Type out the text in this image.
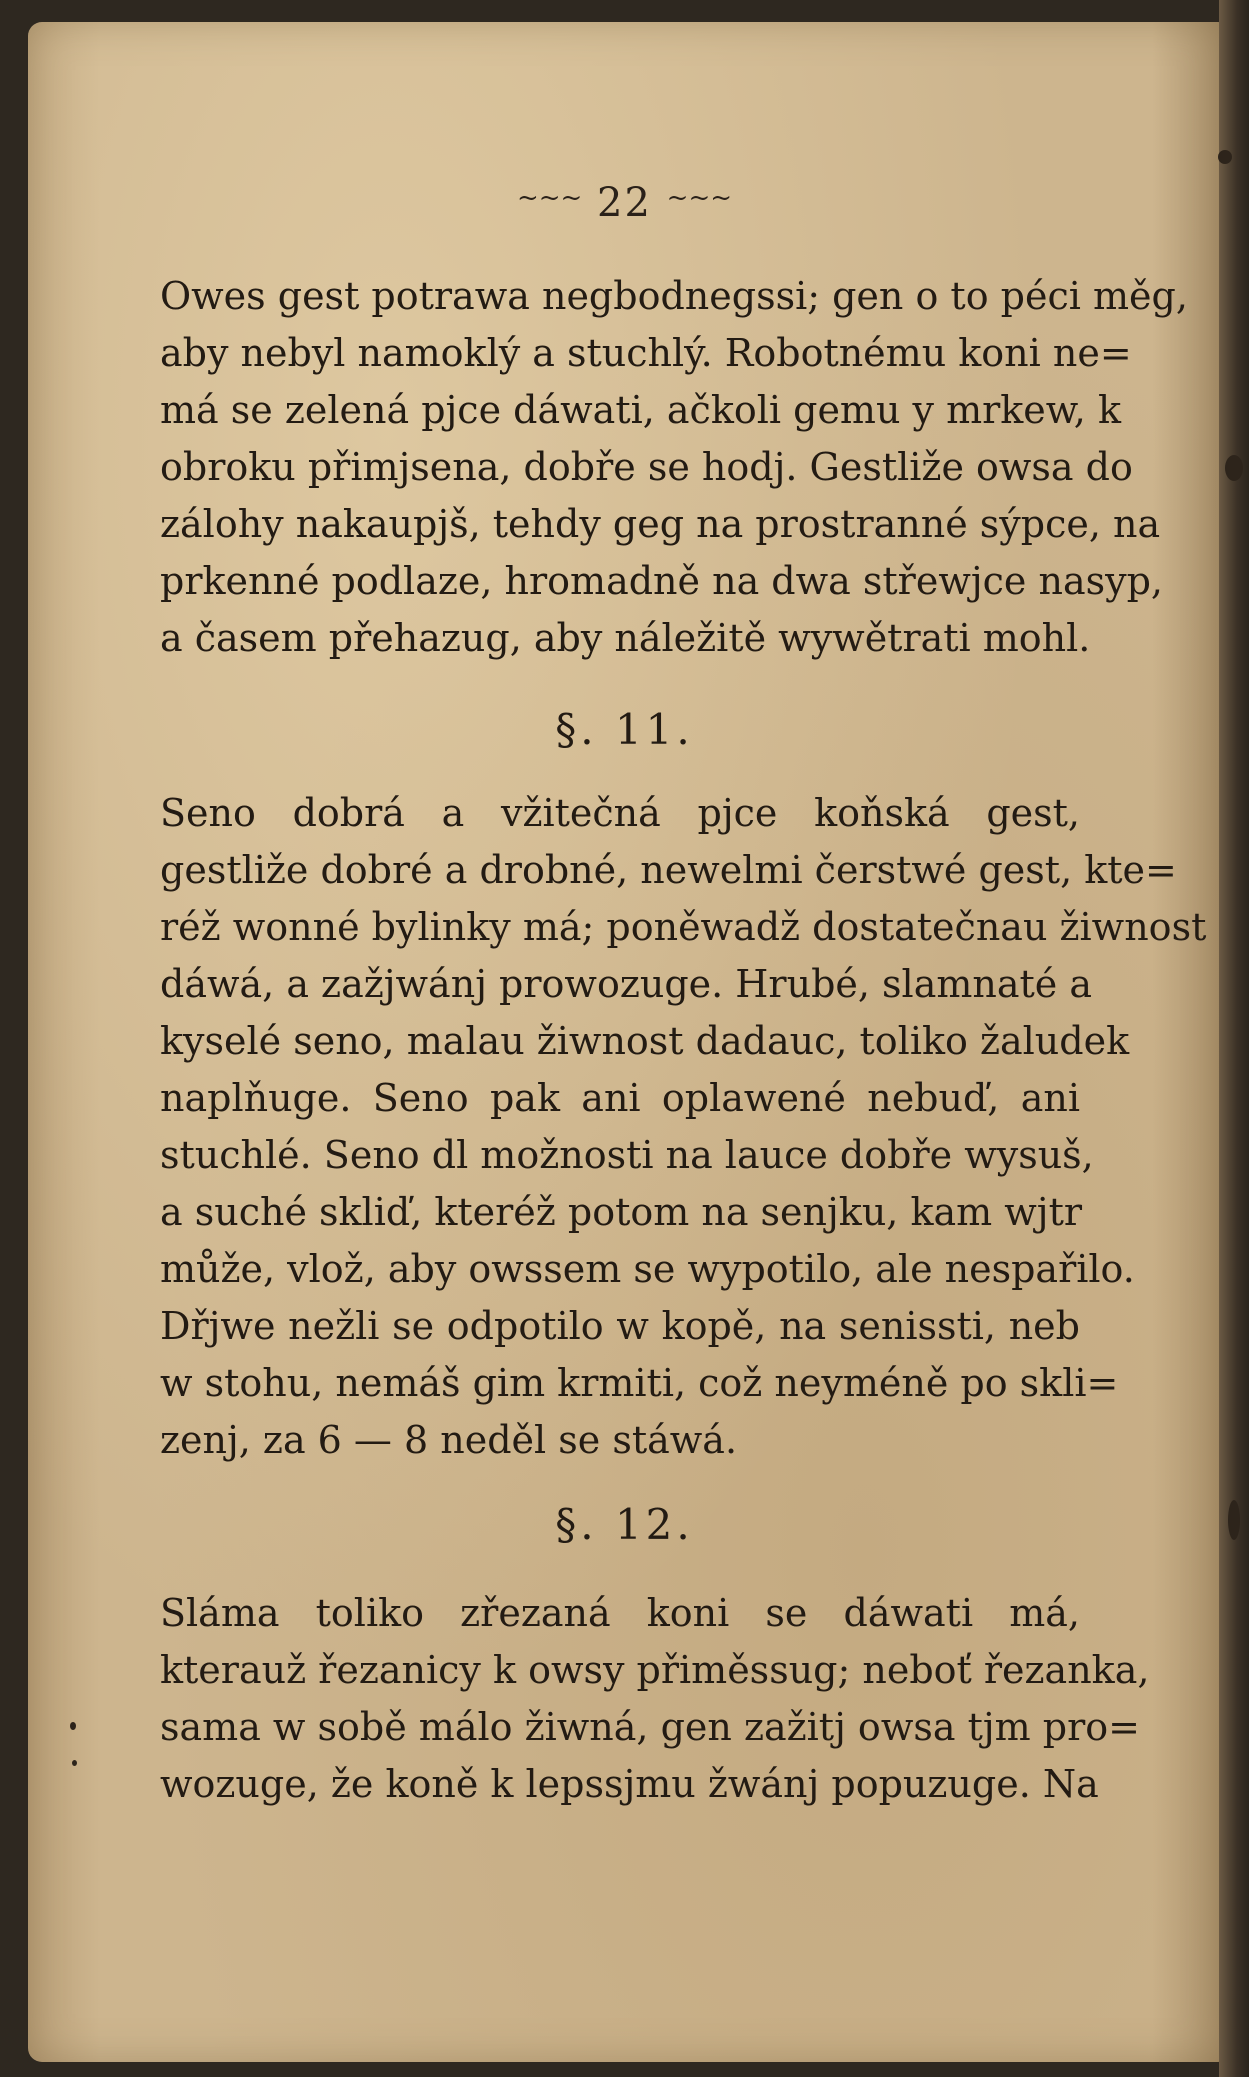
~~~ 22 ~~~
Owes gest potrawa negbodnegssi; gen o to péci měg,
aby nebyl namoklý a stuchlý. Robotnému koni ne=
má se zelená pjce dáwati, ačkoli gemu y mrkew, k
obroku přimjsena, dobře se hodj. Gestliže owsa do
zálohy nakaupjš, tehdy geg na prostranné sýpce, na
prkenné podlaze, hromadně na dwa střewjce nasyp,
a časem přehazug, aby náležitě wywětrati mohl.
§. 11.
Seno dobrá a vžitečná pjce koňská gest,
gestliže dobré a drobné, newelmi čerstwé gest, kte=
réž wonné bylinky má; poněwadž dostatečnau žiwnost
dáwá, a zažjwánj prowozuge. Hrubé, slamnaté a
kyselé seno, malau žiwnost dadauc, toliko žaludek
naplňuge. Seno pak ani oplawené nebuď, ani
stuchlé. Seno dl možnosti na lauce dobře wysuš,
a suché skliď, kteréž potom na senjku, kam wjtr
může, vlož, aby owssem se wypotilo, ale nespařilo.
Dřjwe nežli se odpotilo w kopě, na senissti, neb
w stohu, nemáš gim krmiti, což neyméně po skli=
zenj, za 6 — 8 neděl se stáwá.
§. 12.
Sláma toliko zřezaná koni se dáwati má,
kterauž řezanicy k owsy přiměssug; neboť řezanka,
sama w sobě málo žiwná, gen zažitj owsa tjm pro=
wozuge, že koně k lepssjmu žwánj popuzuge. Na
